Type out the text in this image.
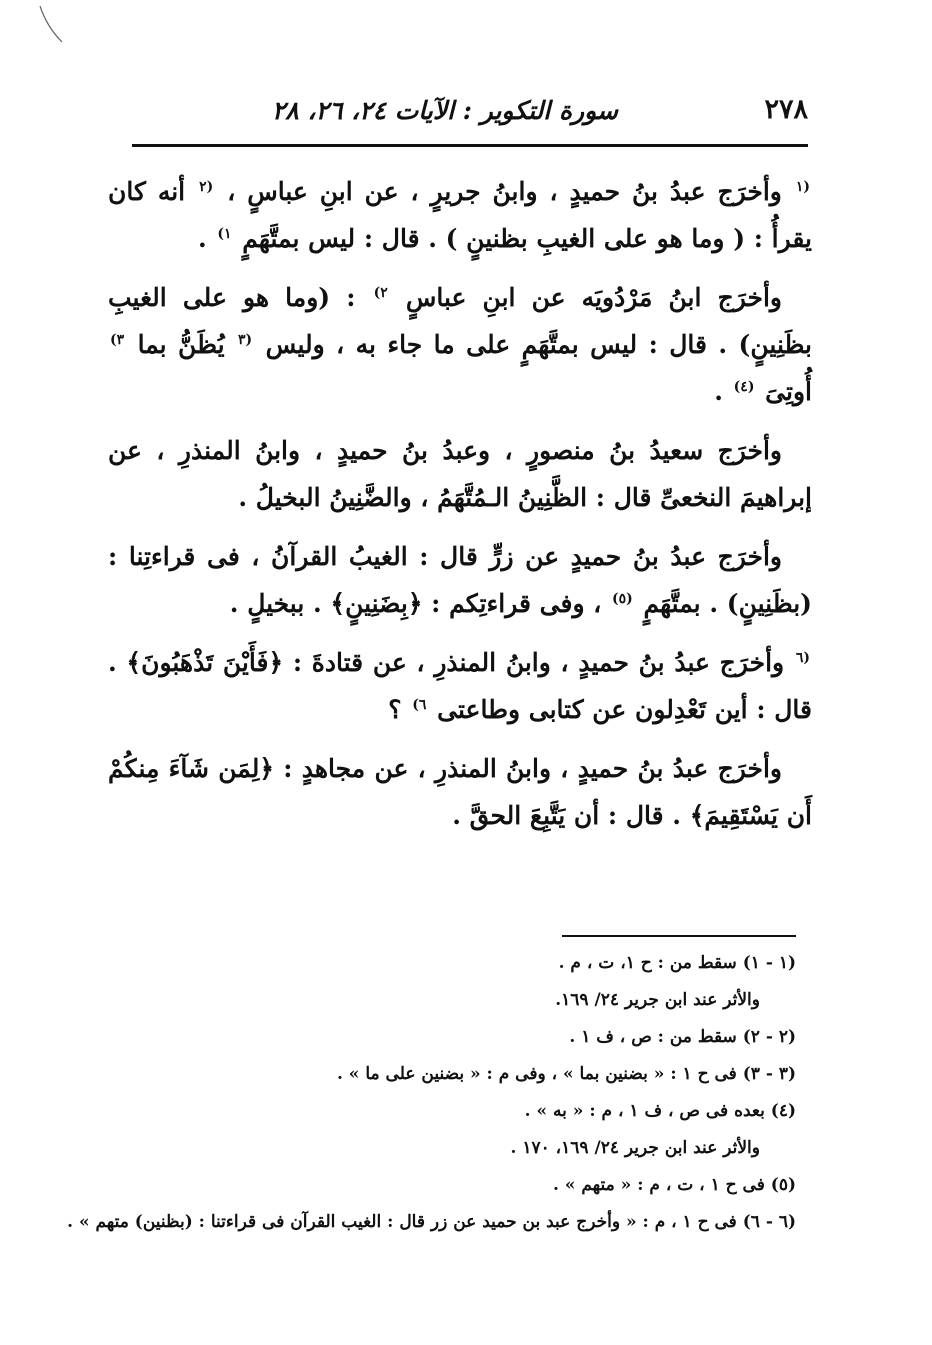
٢٧٨
سورة التكوير : الآيات ٢٤، ٢٦، ٢٨

$^{(١}$ وأخرَج عبدُ بنُ حميدٍ ، وابنُ جريرٍ ، عن ابنِ عباسٍ ، $^{(٢}$ أنه كان يقرأُ : ( وما هو على الغيبِ بظنينٍ ) . قال : ليس بمتَّهَمٍ $^{١)}$ .

وأخرَج ابنُ مَرْدُويَه عن ابنِ عباسٍ $^{٢)}$ : (وما هو على الغيبِ بظَنِينٍ) . قال : ليس بمتَّهَمٍ على ما جاء به ، وليس $^{(٣}$ يُظَنُّ بما $^{٣)}$ أُوتِىَ $^{(٤)}$ .

وأخرَج سعيدُ بنُ منصورٍ ، وعبدُ بنُ حميدٍ ، وابنُ المنذرِ ، عن إبراهيمَ النخعىِّ قال : الظَّنِينُ الـمُتَّهَمُ ، والضَّنِينُ البخيلُ .

وأخرَج عبدُ بنُ حميدٍ عن زرٍّ قال : الغيبُ القرآنُ ، فى قراءتِنا : (بظَنِينٍ) . بمتَّهَمٍ $^{(٥)}$ ، وفى قراءتِكم : ﴿بِضَنِينٍ﴾ . ببخيلٍ .

$^{(٦}$ وأخرَج عبدُ بنُ حميدٍ ، وابنُ المنذرِ ، عن قتادةَ : ﴿فَأَيْنَ تَذْهَبُونَ﴾ . قال : أين تَعْدِلون عن كتابى وطاعتى $^{٦)}$ ؟

وأخرَج عبدُ بنُ حميدٍ ، وابنُ المنذرِ ، عن مجاهدٍ : ﴿لِمَن شَآءَ مِنكُمْ أَن يَسْتَقِيمَ﴾ . قال : أن يَتَّبِعَ الحقَّ .

(١ - ١) سقط من : ح ١، ت ، م .
والأثر عند ابن جرير ٢٤/ ١٦٩.
(٢ - ٢) سقط من : ص ، ف ١ .
(٣ - ٣) فى ح ١ : « بضنين بما » ، وفى م : « بضنين على ما » .
(٤) بعده فى ص ، ف ١ ، م : « به » .
والأثر عند ابن جرير ٢٤/ ١٦٩، ١٧٠ .
(٥) فى ح ١ ، ت ، م : « متهم » .
(٦ - ٦) فى ح ١ ، م : « وأخرج عبد بن حميد عن زر قال : الغيب القرآن فى قراءتنا : (بظنين) متهم » .
